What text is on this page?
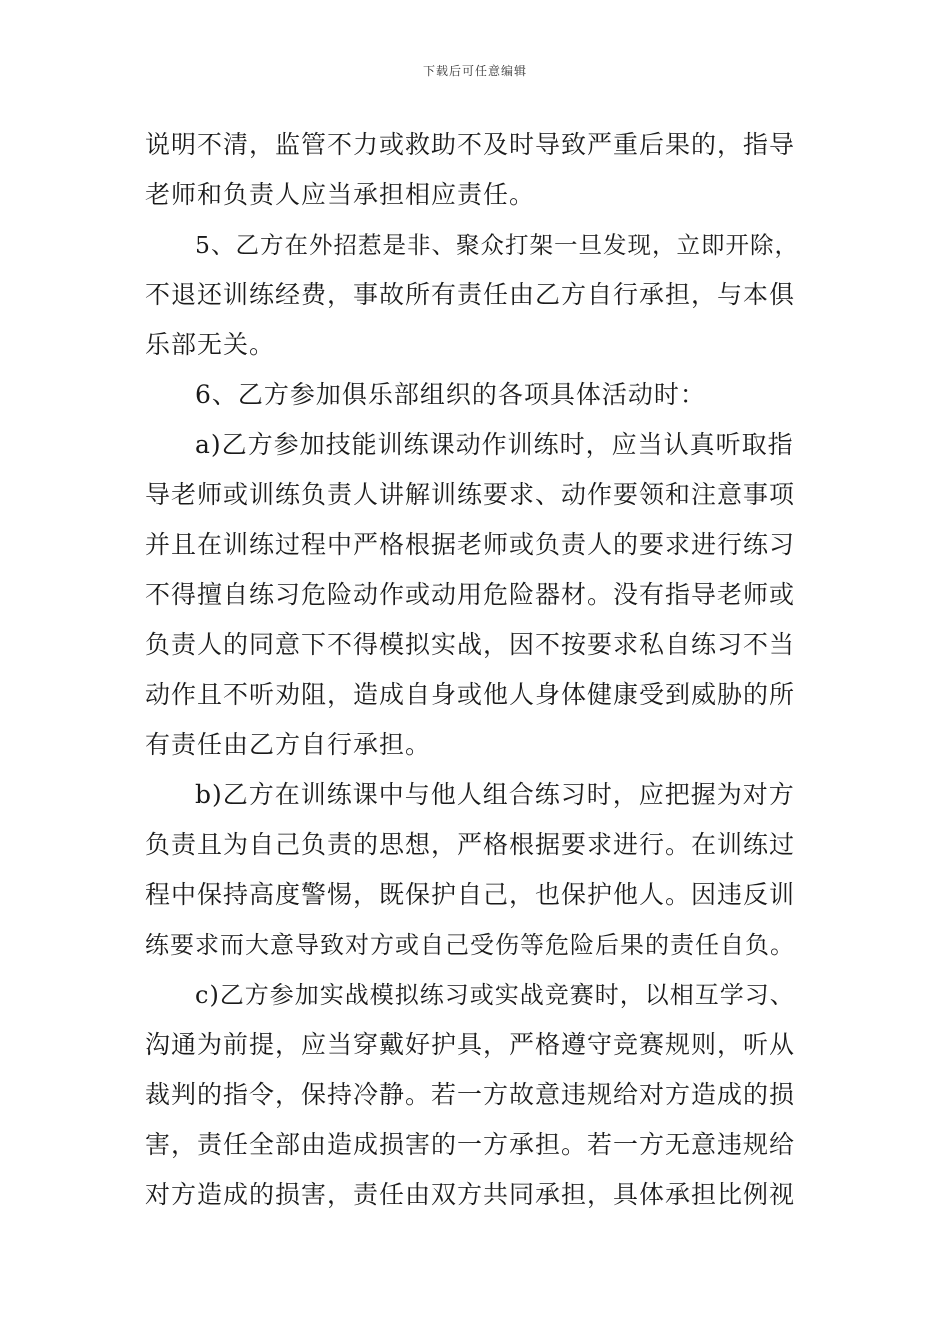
下载后可任意编辑
说明不清，监管不力或救助不及时导致严重后果的，指导
老师和负责人应当承担相应责任。
5、乙方在外招惹是非、聚众打架一旦发现，立即开除，
不退还训练经费，事故所有责任由乙方自行承担，与本俱
乐部无关。
6、乙方参加俱乐部组织的各项具体活动时：
a)乙方参加技能训练课动作训练时，应当认真听取指
导老师或训练负责人讲解训练要求、动作要领和注意事项
并且在训练过程中严格根据老师或负责人的要求进行练习
不得擅自练习危险动作或动用危险器材。没有指导老师或
负责人的同意下不得模拟实战，因不按要求私自练习不当
动作且不听劝阻，造成自身或他人身体健康受到威胁的所
有责任由乙方自行承担。
b)乙方在训练课中与他人组合练习时，应把握为对方
负责且为自己负责的思想，严格根据要求进行。在训练过
程中保持高度警惕，既保护自己，也保护他人。因违反训
练要求而大意导致对方或自己受伤等危险后果的责任自负。
c)乙方参加实战模拟练习或实战竞赛时，以相互学习、
沟通为前提，应当穿戴好护具，严格遵守竞赛规则，听从
裁判的指令，保持冷静。若一方故意违规给对方造成的损
害，责任全部由造成损害的一方承担。若一方无意违规给
对方造成的损害，责任由双方共同承担，具体承担比例视
